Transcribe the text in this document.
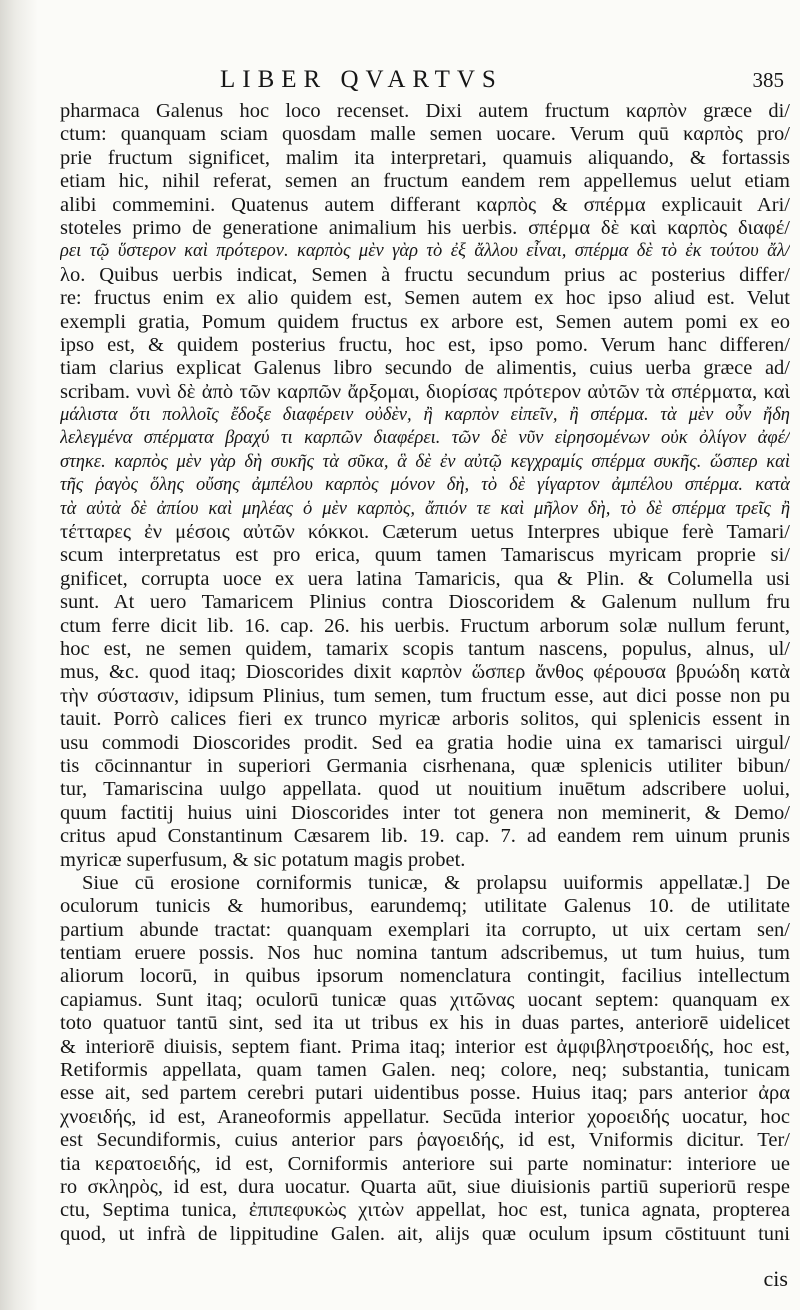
LIBER QVARTVS	385
pharmaca Galenus hoc loco recenset. Dixi autem fructum καρπὸν græce di/
ctum: quanquam sciam quosdam malle semen uocare. Verum quū καρπὸς pro/
prie fructum significet, malim ita interpretari, quamuis aliquando, & fortassis
etiam hic, nihil referat, semen an fructum eandem rem appellemus uelut etiam
alibi commemini. Quatenus autem differant καρπὸς & σπέρμα explicauit Ari/
stoteles primo de generatione animalium his uerbis. σπέρμα δὲ καὶ καρπὸς διαφέ/
ρει τῷ ὕστερον καὶ πρότερον. καρπὸς μὲν γὰρ τὸ ἐξ ἄλλου εἶναι, σπέρμα δὲ τὸ ἐκ τούτου ἄλ/
λο. Quibus uerbis indicat, Semen à fructu secundum prius ac posterius differ/
re: fructus enim ex alio quidem est, Semen autem ex hoc ipso aliud est. Velut
exempli gratia, Pomum quidem fructus ex arbore est, Semen autem pomi ex eo
ipso est, & quidem posterius fructu, hoc est, ipso pomo. Verum hanc differen/
tiam clarius explicat Galenus libro secundo de alimentis, cuius uerba græce ad/
scribam. νυνὶ δὲ ἀπὸ τῶν καρπῶν ἄρξομαι, διορίσας πρότερον αὐτῶν τὰ σπέρματα, καὶ
μάλιστα ὅτι πολλοῖς ἔδοξε διαφέρειν οὐδὲν, ἢ καρπὸν εἰπεῖν, ἢ σπέρμα. τὰ μὲν οὖν ἤδη
λελεγμένα σπέρματα βραχύ τι καρπῶν διαφέρει. τῶν δὲ νῦν εἰρησομένων οὐκ ὀλίγον ἀφέ/
στηκε. καρπὸς μὲν γὰρ δὴ συκῆς τὰ σῦκα, ἃ δὲ ἐν αὐτῷ κεγχραμίς σπέρμα συκῆς. ὥσπερ καὶ
τῆς ῥαγὸς ὅλης οὔσης ἀμπέλου καρπὸς μόνον δὴ, τὸ δὲ γίγαρτον ἀμπέλου σπέρμα. κατὰ
τὰ αὐτὰ δὲ ἀπίου καὶ μηλέας ὁ μὲν καρπὸς, ἄπιόν τε καὶ μῆλον δὴ, τὸ δὲ σπέρμα τρεῖς ἢ
τέτταρες ἐν μέσοις αὐτῶν κόκκοι. Cæterum uetus Interpres ubique ferè Tamari/
scum interpretatus est pro erica, quum tamen Tamariscus myricam proprie si/
gnificet, corrupta uoce ex uera latina Tamaricis, qua & Plin. & Columella usi
sunt. At uero Tamaricem Plinius contra Dioscoridem & Galenum nullum fru
ctum ferre dicit lib. 16. cap. 26. his uerbis. Fructum arborum solæ nullum ferunt,
hoc est, ne semen quidem, tamarix scopis tantum nascens, populus, alnus, ul/
mus, &c. quod itaq; Dioscorides dixit καρπὸν ὥσπερ ἄνθος φέρουσα βρυώδη κατὰ
τὴν σύστασιν, idipsum Plinius, tum semen, tum fructum esse, aut dici posse non pu
tauit. Porrò calices fieri ex trunco myricæ arboris solitos, qui splenicis essent in
usu commodi Dioscorides prodit. Sed ea gratia hodie uina ex tamarisci uirgul/
tis cōcinnantur in superiori Germania cisrhenana, quæ splenicis utiliter bibun/
tur, Tamariscina uulgo appellata. quod ut nouitium inuētum adscribere uolui,
quum factitij huius uini Dioscorides inter tot genera non meminerit, & Demo/
critus apud Constantinum Cæsarem lib. 19. cap. 7. ad eandem rem uinum prunis
myricæ superfusum, & sic potatum magis probet.
Siue cū erosione corniformis tunicæ, & prolapsu uuiformis appellatæ.] De
oculorum tunicis & humoribus, earundemq; utilitate Galenus 10. de utilitate
partium abunde tractat: quanquam exemplari ita corrupto, ut uix certam sen/
tentiam eruere possis. Nos huc nomina tantum adscribemus, ut tum huius, tum
aliorum locorū, in quibus ipsorum nomenclatura contingit, facilius intellectum
capiamus. Sunt itaq; oculorū tunicæ quas χιτῶνας uocant septem: quanquam ex
toto quatuor tantū sint, sed ita ut tribus ex his in duas partes, anteriorē uidelicet
& interiorē diuisis, septem fiant. Prima itaq; interior est ἀμφιβληστροειδής, hoc est,
Retiformis appellata, quam tamen Galen. neq; colore, neq; substantia, tunicam
esse ait, sed partem cerebri putari uidentibus posse. Huius itaq; pars anterior ἀρα
χνοειδής, id est, Araneoformis appellatur. Secūda interior χοροειδής uocatur, hoc
est Secundiformis, cuius anterior pars ῥαγοειδής, id est, Vniformis dicitur. Ter/
tia κερατοειδής, id est, Corniformis anteriore sui parte nominatur: interiore ue
ro σκληρὸς, id est, dura uocatur. Quarta aūt, siue diuisionis partiū superiorū respe
ctu, Septima tunica, ἐπιπεφυκὼς χιτὼν appellat, hoc est, tunica agnata, propterea
quod, ut infrà de lippitudine Galen. ait, alijs quæ oculum ipsum cōstituunt tuni
cis
